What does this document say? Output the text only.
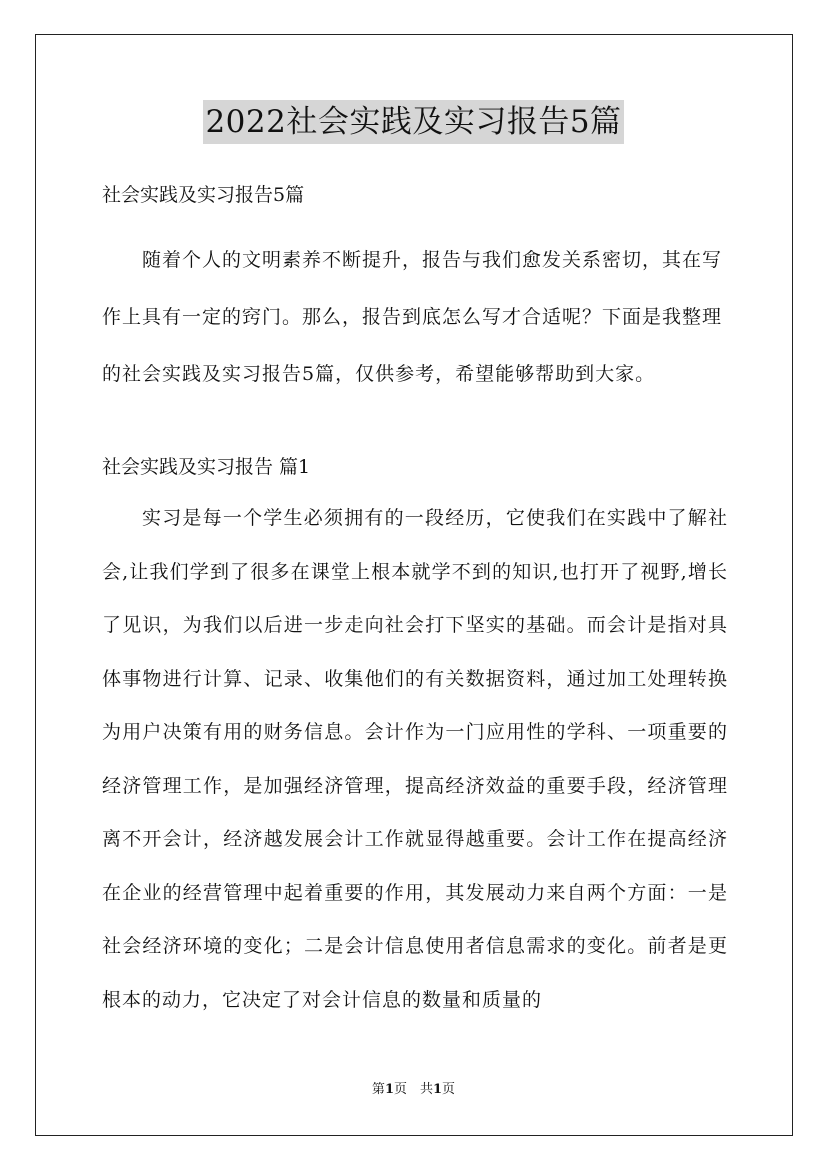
2022社会实践及实习报告5篇

社会实践及实习报告5篇

随着个人的文明素养不断提升，报告与我们愈发关系密切，其在写作上具有一定的窍门。那么，报告到底怎么写才合适呢？下面是我整理的社会实践及实习报告5篇，仅供参考，希望能够帮助到大家。

社会实践及实习报告 篇1

实习是每一个学生必须拥有的一段经历，它使我们在实践中了解社会,让我们学到了很多在课堂上根本就学不到的知识,也打开了视野,增长了见识，为我们以后进一步走向社会打下坚实的基础。而会计是指对具体事物进行计算、记录、收集他们的有关数据资料，通过加工处理转换为用户决策有用的财务信息。会计作为一门应用性的学科、一项重要的经济管理工作，是加强经济管理，提高经济效益的重要手段，经济管理离不开会计，经济越发展会计工作就显得越重要。会计工作在提高经济在企业的经营管理中起着重要的作用，其发展动力来自两个方面：一是社会经济环境的变化；二是会计信息使用者信息需求的变化。前者是更根本的动力，它决定了对会计信息的数量和质量的

第1页　共1页
